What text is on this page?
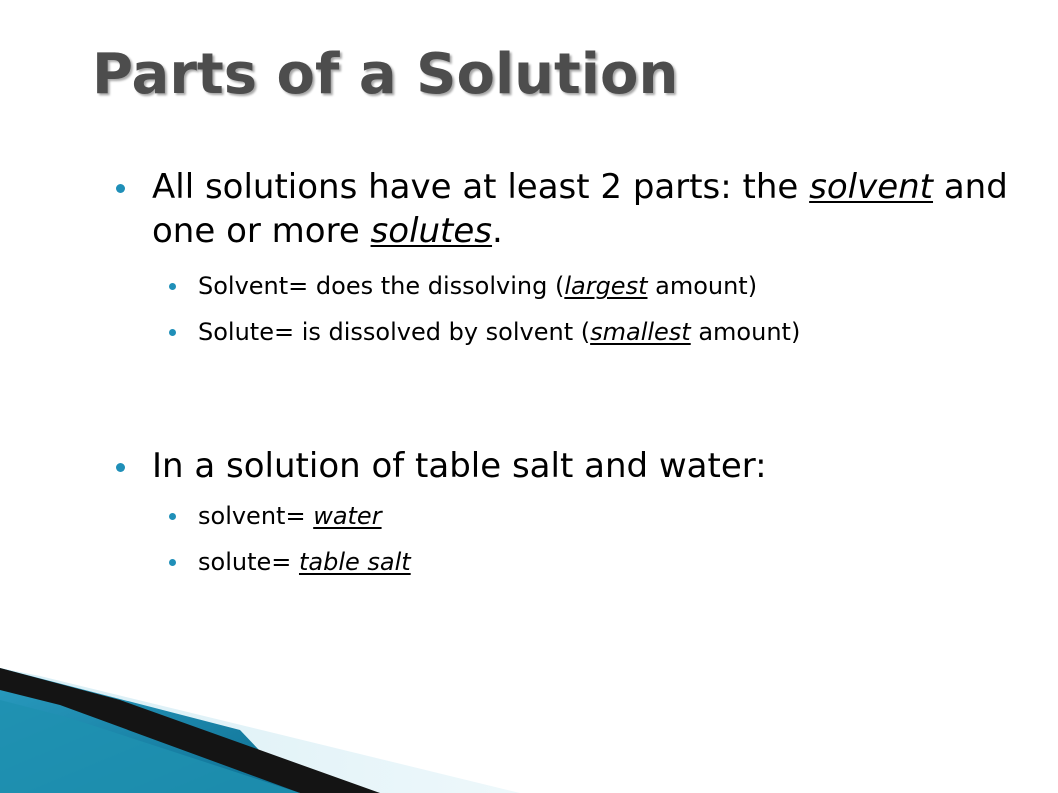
Parts of a Solution
All solutions have at least 2 parts: the solvent and one or more solutes.
Solvent= does the dissolving (largest amount)
Solute= is dissolved by solvent (smallest amount)
In a solution of table salt and water:
solvent= water
solute= table salt
